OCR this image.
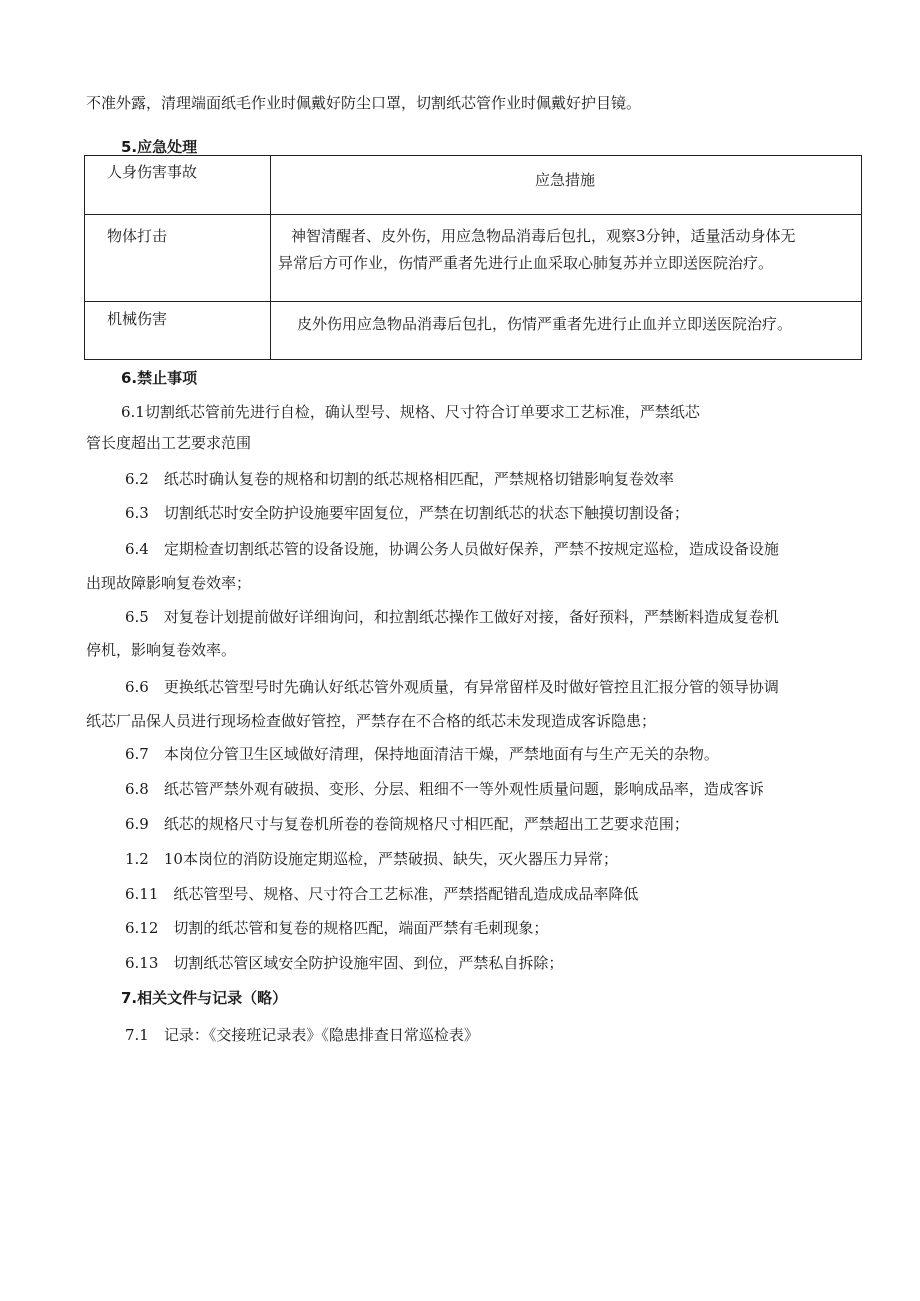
不准外露，清理端面纸毛作业时佩戴好防尘口罩，切割纸芯管作业时佩戴好护目镜。
5.应急处理
人身伤害事故	应急措施
物体打击	神智清醒者、皮外伤，用应急物品消毒后包扎，观察3分钟，适量活动身体无
异常后方可作业，伤情严重者先进行止血采取心肺复苏并立即送医院治疗。
机械伤害	皮外伤用应急物品消毒后包扎，伤情严重者先进行止血并立即送医院治疗。
6.禁止事项
6.1切割纸芯管前先进行自检，确认型号、规格、尺寸符合订单要求工艺标准，严禁纸芯
管长度超出工艺要求范围
6.2　纸芯时确认复卷的规格和切割的纸芯规格相匹配，严禁规格切错影响复卷效率
6.3　切割纸芯时安全防护设施要牢固复位，严禁在切割纸芯的状态下触摸切割设备；
6.4　定期检查切割纸芯管的设备设施，协调公务人员做好保养，严禁不按规定巡检，造成设备设施
出现故障影响复卷效率；
6.5　对复卷计划提前做好详细询问，和拉割纸芯操作工做好对接，备好预料，严禁断料造成复卷机
停机，影响复卷效率。
6.6　更换纸芯管型号时先确认好纸芯管外观质量，有异常留样及时做好管控且汇报分管的领导协调
纸芯厂品保人员进行现场检查做好管控，严禁存在不合格的纸芯未发现造成客诉隐患；
6.7　本岗位分管卫生区域做好清理，保持地面清洁干燥，严禁地面有与生产无关的杂物。
6.8　纸芯管严禁外观有破损、变形、分层、粗细不一等外观性质量问题，影响成品率，造成客诉
6.9　纸芯的规格尺寸与复卷机所卷的卷筒规格尺寸相匹配，严禁超出工艺要求范围；
1.2　10本岗位的消防设施定期巡检，严禁破损、缺失，灭火器压力异常；
6.11　纸芯管型号、规格、尺寸符合工艺标准，严禁搭配错乱造成成品率降低
6.12　切割的纸芯管和复卷的规格匹配，端面严禁有毛刺现象；
6.13　切割纸芯管区域安全防护设施牢固、到位，严禁私自拆除；
7.相关文件与记录（略）
7.1　记录：《交接班记录表》《隐患排查日常巡检表》
